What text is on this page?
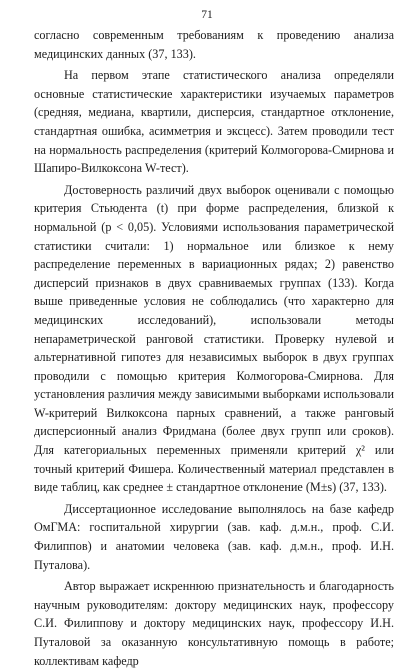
71

согласно современным требованиям к проведению анализа медицинских данных (37, 133).

На первом этапе статистического анализа определяли основные статистические характеристики изучаемых параметров (средняя, медиана, квартили, дисперсия, стандартное отклонение, стандартная ошибка, асимметрия и эксцесс). Затем проводили тест на нормальность распределения (критерий Колмогорова-Смирнова и Шапиро-Вилкоксона W-тест).

Достоверность различий двух выборок оценивали с помощью критерия Стьюдента (t) при форме распределения, близкой к нормальной (p < 0,05). Условиями использования параметрической статистики считали: 1) нормальное или близкое к нему распределение переменных в вариационных рядах; 2) равенство дисперсий признаков в двух сравниваемых группах (133). Когда выше приведенные условия не соблюдались (что характерно для медицинских исследований), использовали методы непараметрической ранговой статистики. Проверку нулевой и альтернативной гипотез для независимых выборок в двух группах проводили с помощью критерия Колмогорова-Смирнова. Для установления различия между зависимыми выборками использовали W-критерий Вилкоксона парных сравнений, а также ранговый дисперсионный анализ Фридмана (более двух групп или сроков). Для категориальных переменных применяли критерий χ² или точный критерий Фишера. Количественный материал представлен в виде таблиц, как среднее ± стандартное отклонение (M±s) (37, 133).

Диссертационное исследование выполнялось на базе кафедр ОмГМА: госпитальной хирургии (зав. каф. д.м.н., проф. С.И. Филиппов) и анатомии человека (зав. каф. д.м.н., проф. И.Н. Путалова).

Автор выражает искреннюю признательность и благодарность научным руководителям: доктору медицинских наук, профессору С.И. Филиппову и доктору медицинских наук, профессору И.Н. Путаловой за оказанную консультативную помощь в работе; коллективам кафедр
